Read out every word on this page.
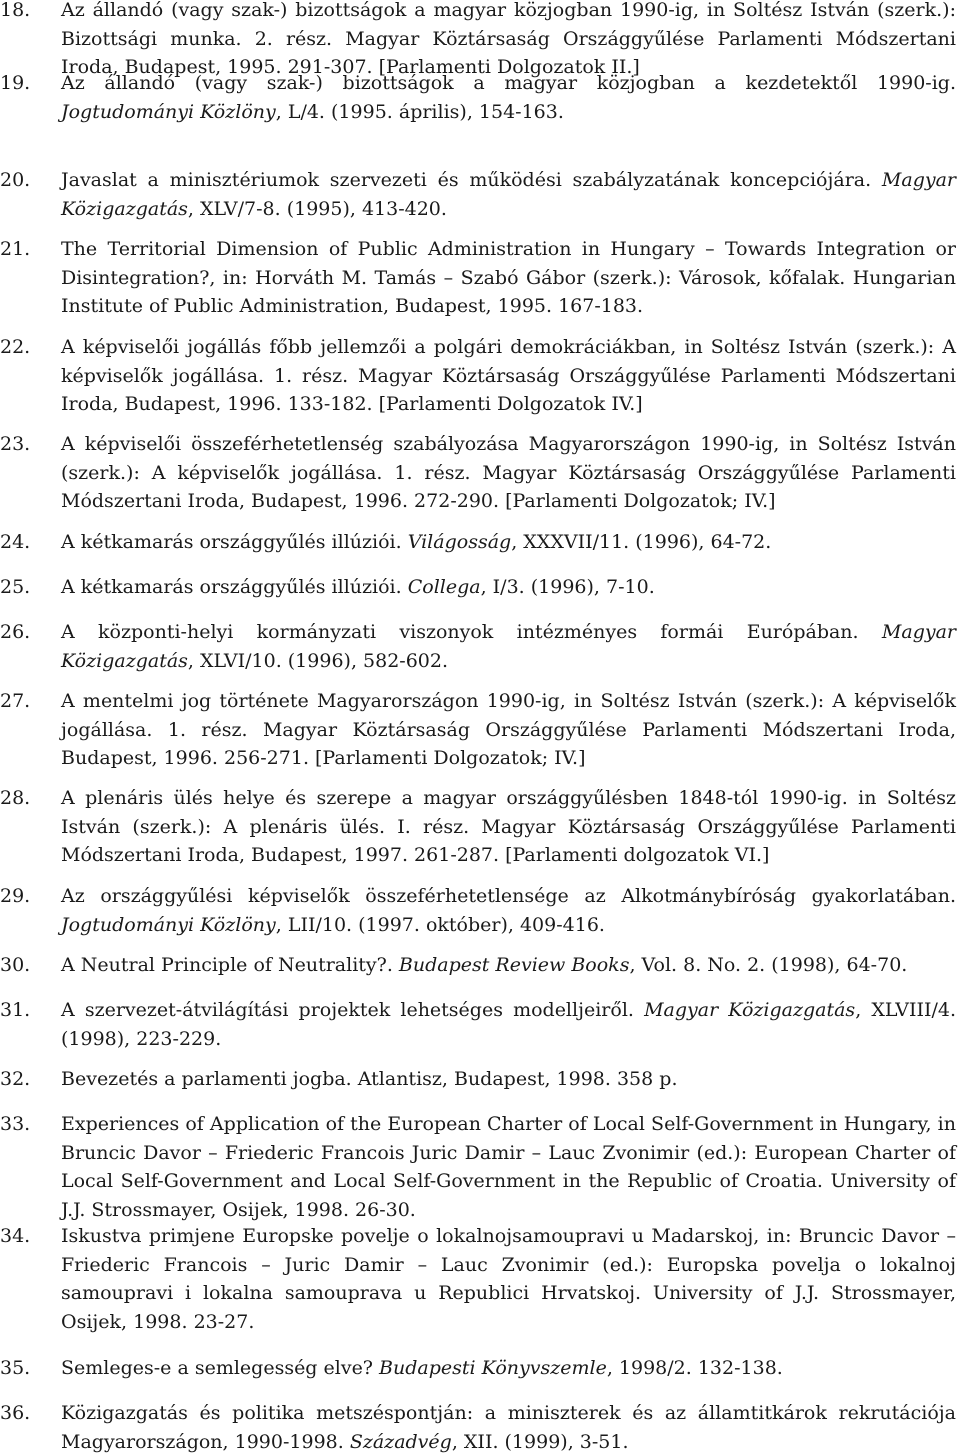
18.	Az állandó (vagy szak-) bizottságok a magyar közjogban 1990-ig, in Soltész István (szerk.): Bizottsági munka. 2. rész. Magyar Köztársaság Országgyűlése Parlamenti Módszertani Iroda, Budapest, 1995. 291-307. [Parlamenti Dolgozatok II.]
19.	Az állandó (vagy szak-) bizottságok a magyar közjogban a kezdetektől 1990-ig. Jogtudományi Közlöny, L/4. (1995. április), 154-163.
20.	Javaslat a minisztériumok szervezeti és működési szabályzatának koncepciójára. Magyar Közigazgatás, XLV/7-8. (1995), 413-420.
21.	The Territorial Dimension of Public Administration in Hungary – Towards Integration or Disintegration?, in: Horváth M. Tamás – Szabó Gábor (szerk.): Városok, kőfalak. Hungarian Institute of Public Administration, Budapest, 1995. 167-183.
22.	A képviselői jogállás főbb jellemzői a polgári demokráciákban, in Soltész István (szerk.): A képviselők jogállása. 1. rész. Magyar Köztársaság Országgyűlése Parlamenti Módszertani Iroda, Budapest, 1996. 133-182. [Parlamenti Dolgozatok IV.]
23.	A képviselői összeférhetetlenség szabályozása Magyarországon 1990-ig, in Soltész István (szerk.): A képviselők jogállása. 1. rész. Magyar Köztársaság Országgyűlése Parlamenti Módszertani Iroda, Budapest, 1996. 272-290. [Parlamenti Dolgozatok; IV.]
24.	A kétkamarás országgyűlés illúziói. Világosság, XXXVII/11. (1996), 64-72.
25.	A kétkamarás országgyűlés illúziói. Collega, I/3. (1996), 7-10.
26.	A központi-helyi kormányzati viszonyok intézményes formái Európában. Magyar Közigazgatás, XLVI/10. (1996), 582-602.
27.	A mentelmi jog története Magyarországon 1990-ig, in Soltész István (szerk.): A képviselők jogállása. 1. rész. Magyar Köztársaság Országgyűlése Parlamenti Módszertani Iroda, Budapest, 1996. 256-271. [Parlamenti Dolgozatok; IV.]
28.	A plenáris ülés helye és szerepe a magyar országgyűlésben 1848-tól 1990-ig. in Soltész István (szerk.): A plenáris ülés. I. rész. Magyar Köztársaság Országgyűlése Parlamenti Módszertani Iroda, Budapest, 1997. 261-287. [Parlamenti dolgozatok VI.]
29.	Az országgyűlési képviselők összeférhetetlensége az Alkotmánybíróság gyakorlatában. Jogtudományi Közlöny, LII/10. (1997. október), 409-416.
30.	A Neutral Principle of Neutrality?. Budapest Review Books, Vol. 8. No. 2. (1998), 64-70.
31.	A szervezet-átvilágítási projektek lehetséges modelljeiről. Magyar Közigazgatás, XLVIII/4. (1998), 223-229.
32.	Bevezetés a parlamenti jogba. Atlantisz, Budapest, 1998. 358 p.
33.	Experiences of Application of the European Charter of Local Self-Government in Hungary, in Bruncic Davor – Friederic Francois Juric Damir – Lauc Zvonimir (ed.): European Charter of Local Self-Government and Local Self-Government in the Republic of Croatia. University of J.J. Strossmayer, Osijek, 1998. 26-30.
34.	Iskustva primjene Europske povelje o lokalnojsamoupravi u Madarskoj, in: Bruncic Davor – Friederic Francois – Juric Damir – Lauc Zvonimir (ed.): Europska povelja o lokalnoj samoupravi i lokalna samouprava u Republici Hrvatskoj. University of J.J. Strossmayer, Osijek, 1998. 23-27.
35.	Semleges-e a semlegesség elve? Budapesti Könyvszemle, 1998/2. 132-138.
36.	Közigazgatás és politika metszéspontján: a miniszterek és az államtitkárok rekrutációja Magyarországon, 1990-1998. Századvég, XII. (1999), 3-51.
